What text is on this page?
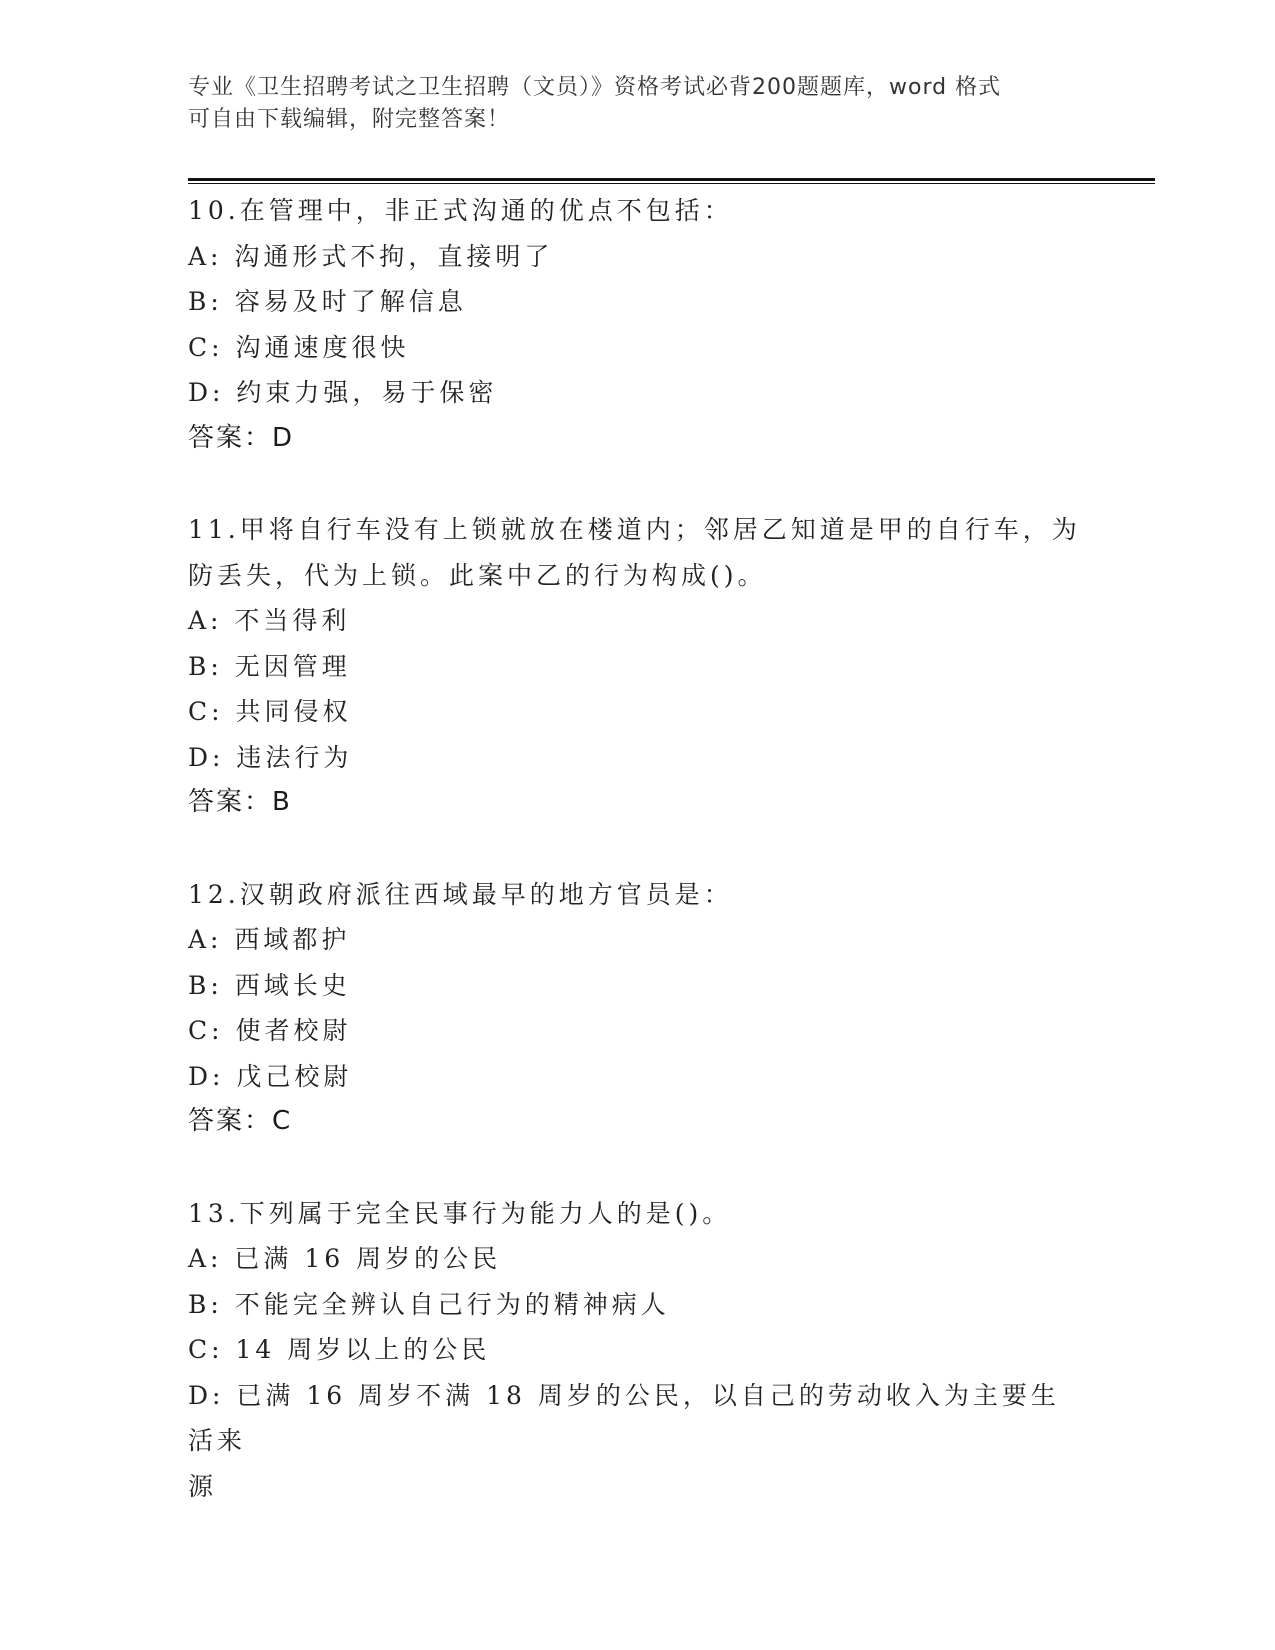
专业《卫生招聘考试之卫生招聘（文员）》资格考试必背200题题库，word 格式
可自由下载编辑，附完整答案！
10.在管理中，非正式沟通的优点不包括：
A: 沟通形式不拘，直接明了
B: 容易及时了解信息
C: 沟通速度很快
D: 约束力强，易于保密
答案：D
11.甲将自行车没有上锁就放在楼道内；邻居乙知道是甲的自行车，为
防丢失，代为上锁。此案中乙的行为构成()。
A: 不当得利
B: 无因管理
C: 共同侵权
D: 违法行为
答案：B
12.汉朝政府派往西域最早的地方官员是：
A: 西域都护
B: 西域长史
C: 使者校尉
D: 戊己校尉
答案：C
13.下列属于完全民事行为能力人的是()。
A: 已满 16 周岁的公民
B: 不能完全辨认自己行为的精神病人
C: 14 周岁以上的公民
D: 已满 16 周岁不满 18 周岁的公民，以自己的劳动收入为主要生活来
源
